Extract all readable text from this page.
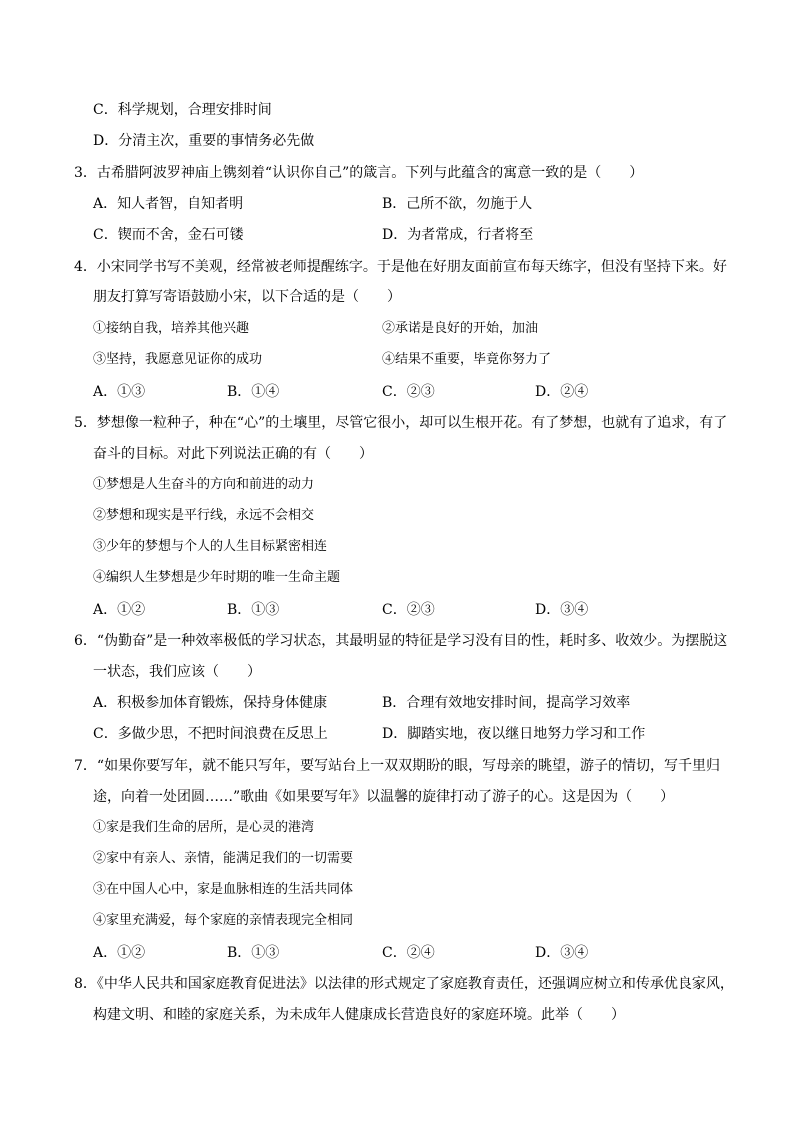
C．科学规划，合理安排时间
D．分清主次，重要的事情务必先做
3．古希腊阿波罗神庙上镌刻着“认识你自己”的箴言。下列与此蕴含的寓意一致的是（　　）
A．知人者智，自知者明	B．己所不欲，勿施于人
C．锲而不舍，金石可镂	D．为者常成，行者将至
4．小宋同学书写不美观，经常被老师提醒练字。于是他在好朋友面前宣布每天练字，但没有坚持下来。好
朋友打算写寄语鼓励小宋，以下合适的是（　　）
①接纳自我，培养其他兴趣	②承诺是良好的开始，加油
③坚持，我愿意见证你的成功	④结果不重要，毕竟你努力了
A．①③	B．①④	C．②③	D．②④
5．梦想像一粒种子，种在“心”的土壤里，尽管它很小，却可以生根开花。有了梦想，也就有了追求，有了
奋斗的目标。对此下列说法正确的有（　　）
①梦想是人生奋斗的方向和前进的动力
②梦想和现实是平行线，永远不会相交
③少年的梦想与个人的人生目标紧密相连
④编织人生梦想是少年时期的唯一生命主题
A．①②	B．①③	C．②③	D．③④
6．“伪勤奋”是一种效率极低的学习状态，其最明显的特征是学习没有目的性，耗时多、收效少。为摆脱这
一状态，我们应该（　　）
A．积极参加体育锻炼，保持身体健康	B．合理有效地安排时间，提高学习效率
C．多做少思，不把时间浪费在反思上	D．脚踏实地，夜以继日地努力学习和工作
7．“如果你要写年，就不能只写年，要写站台上一双双期盼的眼，写母亲的眺望，游子的情切，写千里归
途，向着一处团圆……”歌曲《如果要写年》以温馨的旋律打动了游子的心。这是因为（　　）
①家是我们生命的居所，是心灵的港湾
②家中有亲人、亲情，能满足我们的一切需要
③在中国人心中，家是血脉相连的生活共同体
④家里充满爱，每个家庭的亲情表现完全相同
A．①②	B．①③	C．②④	D．③④
8．《中华人民共和国家庭教育促进法》以法律的形式规定了家庭教育责任，还强调应树立和传承优良家风，
构建文明、和睦的家庭关系，为未成年人健康成长营造良好的家庭环境。此举（　　）
